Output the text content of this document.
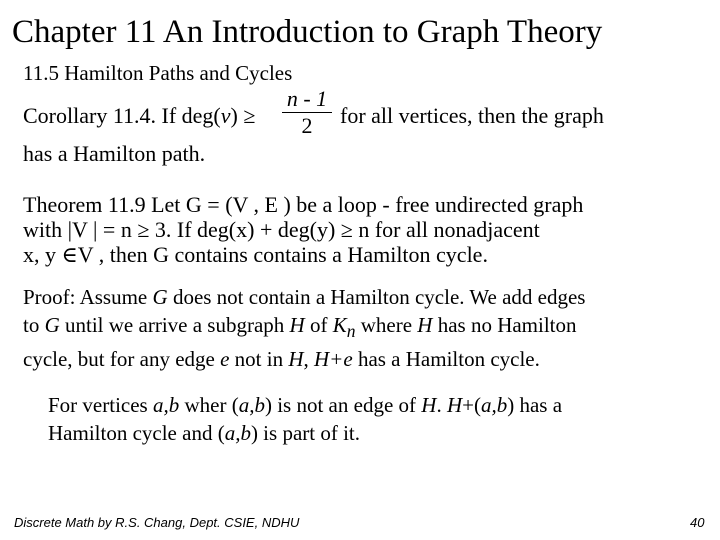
Chapter 11 An Introduction to Graph Theory
11.5 Hamilton Paths and Cycles
Corollary 11.4. If deg(v) ≥
n - 1
2	for all vertices, then the graph
has a Hamilton path.
Theorem 11.9 Let G = (V , E ) be a loop - free undirected graph
with |V | = n ≥ 3. If deg(x) + deg(y) ≥ n for all nonadjacent
x, y ∈V , then G contains contains a Hamilton cycle.
Proof: Assume G does not contain a Hamilton cycle. We add edges
to G until we arrive a subgraph H of $K_n$ where H has no Hamilton
cycle, but for any edge e not in H, H+e has a Hamilton cycle.
For vertices a,b wher (a,b) is not an edge of H. H+(a,b) has a
Hamilton cycle and (a,b) is part of it.
Discrete Math by R.S. Chang, Dept. CSIE, NDHU	40
